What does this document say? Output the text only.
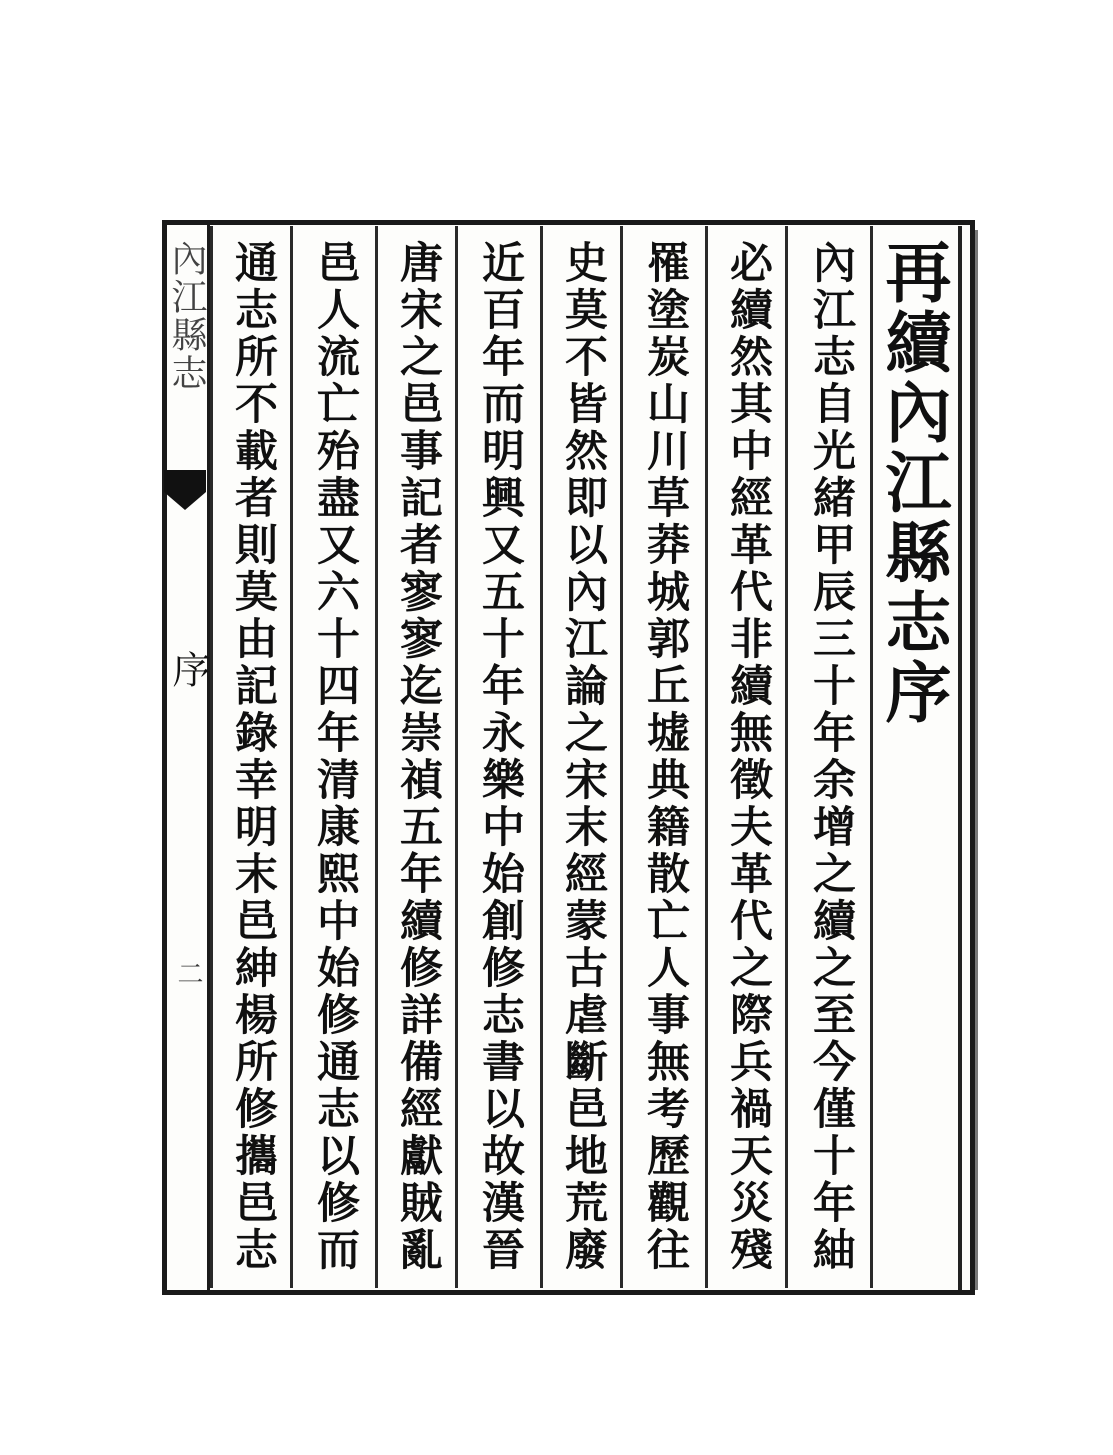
內江縣志
序
二
再續內江縣志序
內江志自光緒甲辰三十年余增之續之至今僅十年紬
必續然其中經革代非續無徵夫革代之際兵禍天災殘
罹塗炭山川草莽城郭丘墟典籍散亡人事無考歷觀往
史莫不皆然即以內江論之宋末經蒙古虐斷邑地荒廢
近百年而明興又五十年永樂中始創修志書以故漢晉
唐宋之邑事記者寥寥迄崇禎五年續修詳備經獻賊亂
邑人流亡殆盡又六十四年清康熙中始修通志以修而
通志所不載者則莫由記錄幸明末邑紳楊所修攜邑志
